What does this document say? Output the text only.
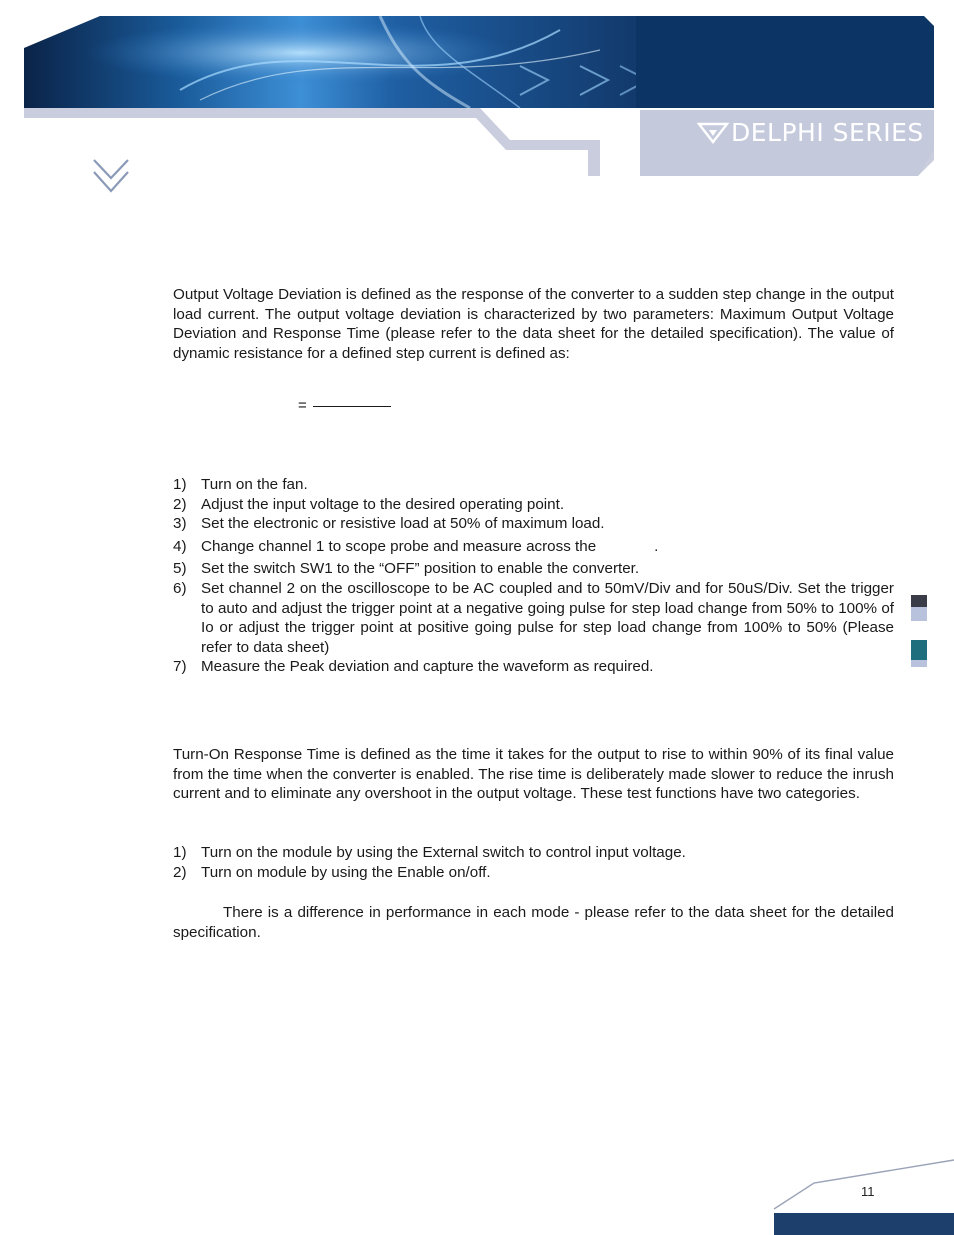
DELPHI SERIES

Output Voltage Deviation is defined as the response of the converter to a sudden step change in the output load current. The output voltage deviation is characterized by two parameters: Maximum Output Voltage Deviation and Response Time (please refer to the data sheet for the detailed specification). The value of dynamic resistance for a defined step current is defined as:

=
1) Turn on the fan.
2) Adjust the input voltage to the desired operating point.
3) Set the electronic or resistive load at 50% of maximum load.
4) Change channel 1 to scope probe and measure across the	.
5) Set the switch SW1 to the “OFF” position to enable the converter.
6) Set channel 2 on the oscilloscope to be AC coupled and to 50mV/Div and for 50uS/Div. Set the trigger to auto and adjust the trigger point at a negative going pulse for step load change from 50% to 100% of Io or adjust the trigger point at positive going pulse for step load change from 100% to 50% (Please refer to data sheet)
7) Measure the Peak deviation and capture the waveform as required.

Turn-On Response Time is defined as the time it takes for the output to rise to within 90% of its final value from the time when the converter is enabled. The rise time is deliberately made slower to reduce the inrush current and to eliminate any overshoot in the output voltage. These test functions have two categories.

1) Turn on the module by using the External switch to control input voltage.
2) Turn on module by using the Enable on/off.

There is a difference in performance in each mode - please refer to the data sheet for the detailed specification.

11
